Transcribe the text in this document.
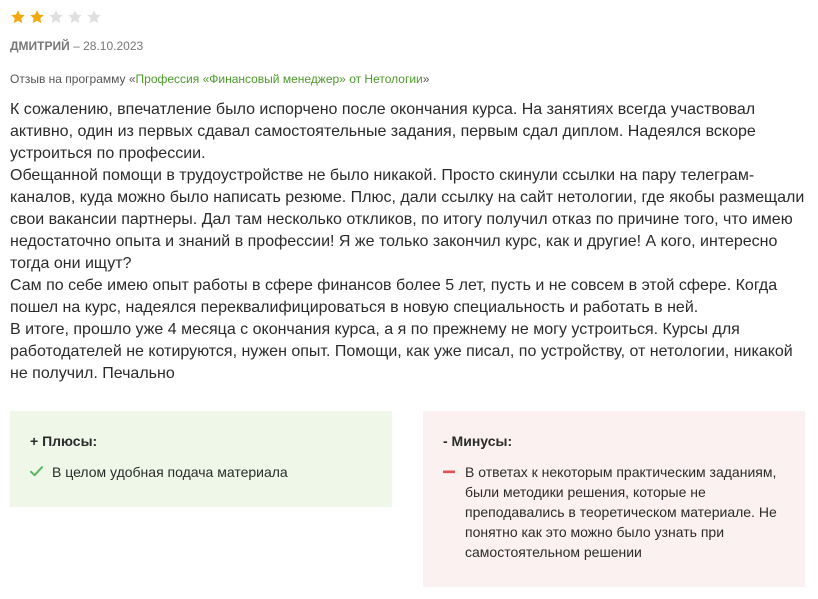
ДМИТРИЙ – 28.10.2023
Отзыв на программу «Профессия «Финансовый менеджер» от Нетологии»

К сожалению, впечатление было испорчено после окончания курса. На занятиях всегда участвовал активно, один из первых сдавал самостоятельные задания, первым сдал диплом. Надеялся вскоре устроиться по профессии.

Обещанной помощи в трудоустройстве не было никакой. Просто скинули ссылки на пару телеграм-каналов, куда можно было написать резюме. Плюс, дали ссылку на сайт нетологии, где якобы размещали свои вакансии партнеры. Дал там несколько откликов, по итогу получил отказ по причине того, что имею недостаточно опыта и знаний в профессии! Я же только закончил курс, как и другие! А кого, интересно тогда они ищут?

Сам по себе имею опыт работы в сфере финансов более 5 лет, пусть и не совсем в этой сфере. Когда пошел на курс, надеялся переквалифицироваться в новую специальность и работать в ней.

В итоге, прошло уже 4 месяца с окончания курса, а я по прежнему не могу устроиться. Курсы для работодателей не котируются, нужен опыт. Помощи, как уже писал, по устройству, от нетологии, никакой не получил. Печально

+ Плюсы:
В целом удобная подача материала
- Минусы:
В ответах к некоторым практическим заданиям, были методики решения, которые не преподавались в теоретическом материале. Не понятно как это можно было узнать при самостоятельном решении
